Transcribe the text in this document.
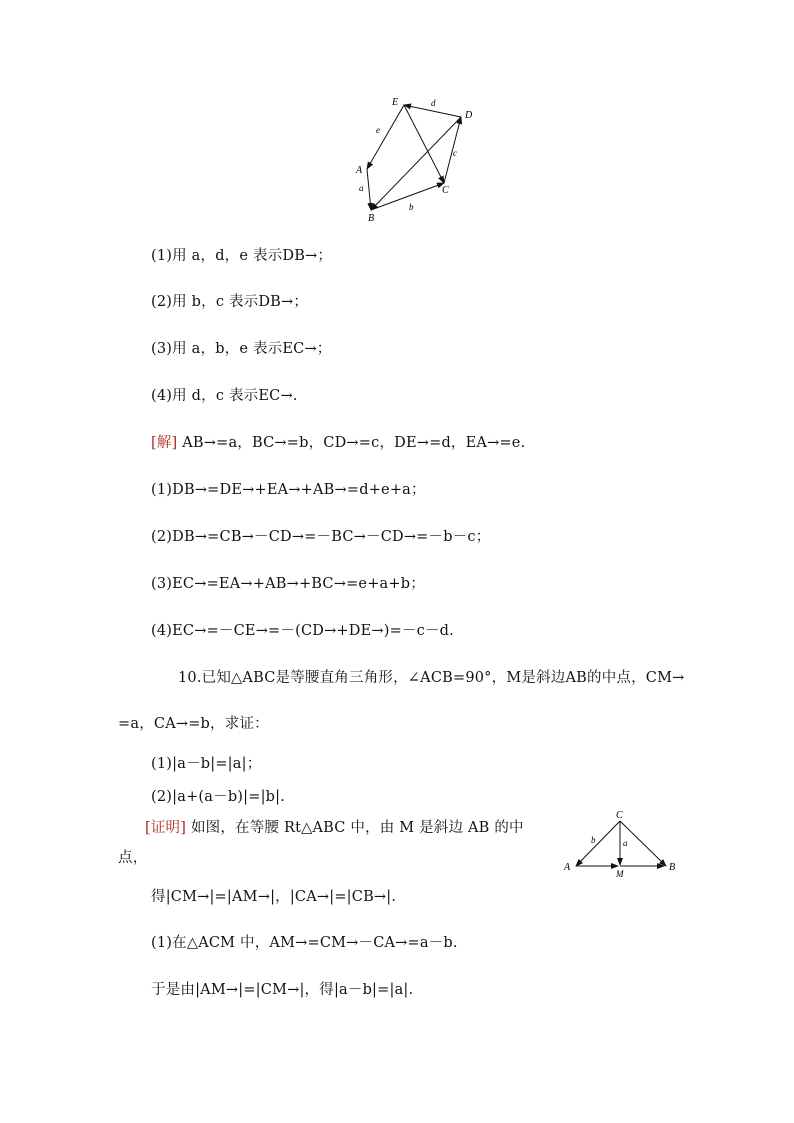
E
D
A
B
C
d
e
c
a
b
(1)用 a，d，e 表示DB→；
(2)用 b，c 表示DB→；
(3)用 a，b，e 表示EC→；
(4)用 d，c 表示EC→.
[解] AB→=a，BC→=b，CD→=c，DE→=d，EA→=e.
(1)DB→=DE→+EA→+AB→=d+e+a；
(2)DB→=CB→－CD→=－BC→－CD→=－b－c；
(3)EC→=EA→+AB→+BC→=e+a+b；
(4)EC→=－CE→=－(CD→+DE→)=－c－d.
10.已知△ABC是等腰直角三角形，∠ACB=90°，M是斜边AB的中点，CM→
=a，CA→=b，求证：
(1)|a－b|=|a|；
(2)|a+(a－b)|=|b|.
[证明] 如图，在等腰 Rt△ABC 中，由 M 是斜边 AB 的中
点，
得|CM→|=|AM→|，|CA→|=|CB→|.
(1)在△ACM 中，AM→=CM→－CA→=a－b.
于是由|AM→|=|CM→|，得|a－b|=|a|.
C
A
M
B
b	a
